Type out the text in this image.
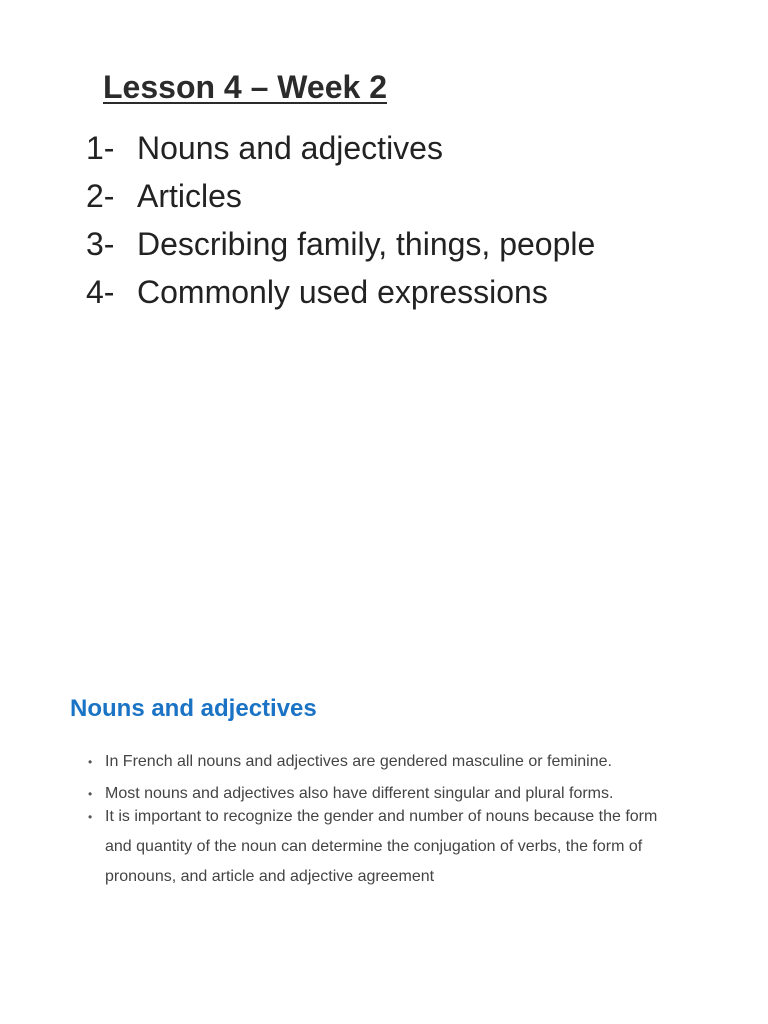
Lesson 4 – Week 2
1- Nouns and adjectives
2- Articles
3- Describing family, things, people
4- Commonly used expressions
Nouns and adjectives
• In French all nouns and adjectives are gendered masculine or feminine.
• Most nouns and adjectives also have different singular and plural forms.
• It is important to recognize the gender and number of nouns because the form and quantity of the noun can determine the conjugation of verbs, the form of pronouns, and article and adjective agreement
